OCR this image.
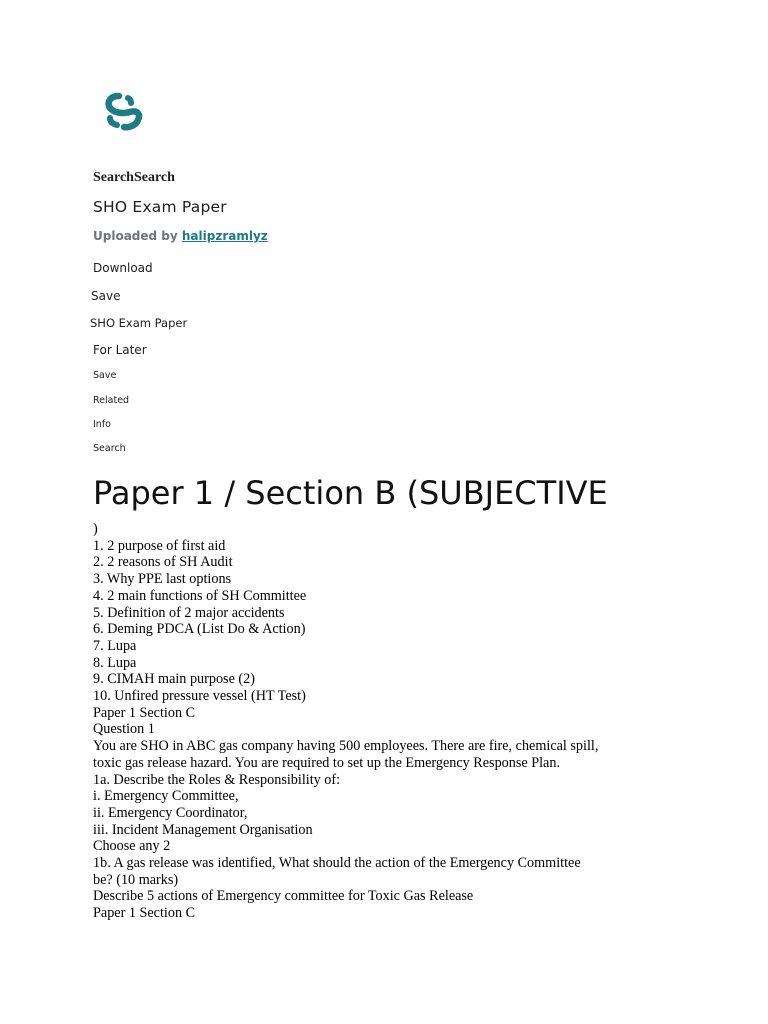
SearchSearch
SHO Exam Paper
Uploaded by halipzramlyz
Download
Save
SHO Exam Paper
For Later
Save
Related
Info
Search
Paper 1 / Section B (SUBJECTIVE
)
1. 2 purpose of first aid
2. 2 reasons of SH Audit
3. Why PPE last options
4. 2 main functions of SH Committee
5. Definition of 2 major accidents
6. Deming PDCA (List Do & Action)
7. Lupa
8. Lupa
9. CIMAH main purpose (2)
10. Unfired pressure vessel (HT Test)
Paper 1 Section C
Question 1
You are SHO in ABC gas company having 500 employees. There are fire, chemical spill,
toxic gas release hazard. You are required to set up the Emergency Response Plan.
1a. Describe the Roles & Responsibility of:
i. Emergency Committee,
ii. Emergency Coordinator,
iii. Incident Management Organisation
Choose any 2
1b. A gas release was identified, What should the action of the Emergency Committee
be? (10 marks)
Describe 5 actions of Emergency committee for Toxic Gas Release
Paper 1 Section C
